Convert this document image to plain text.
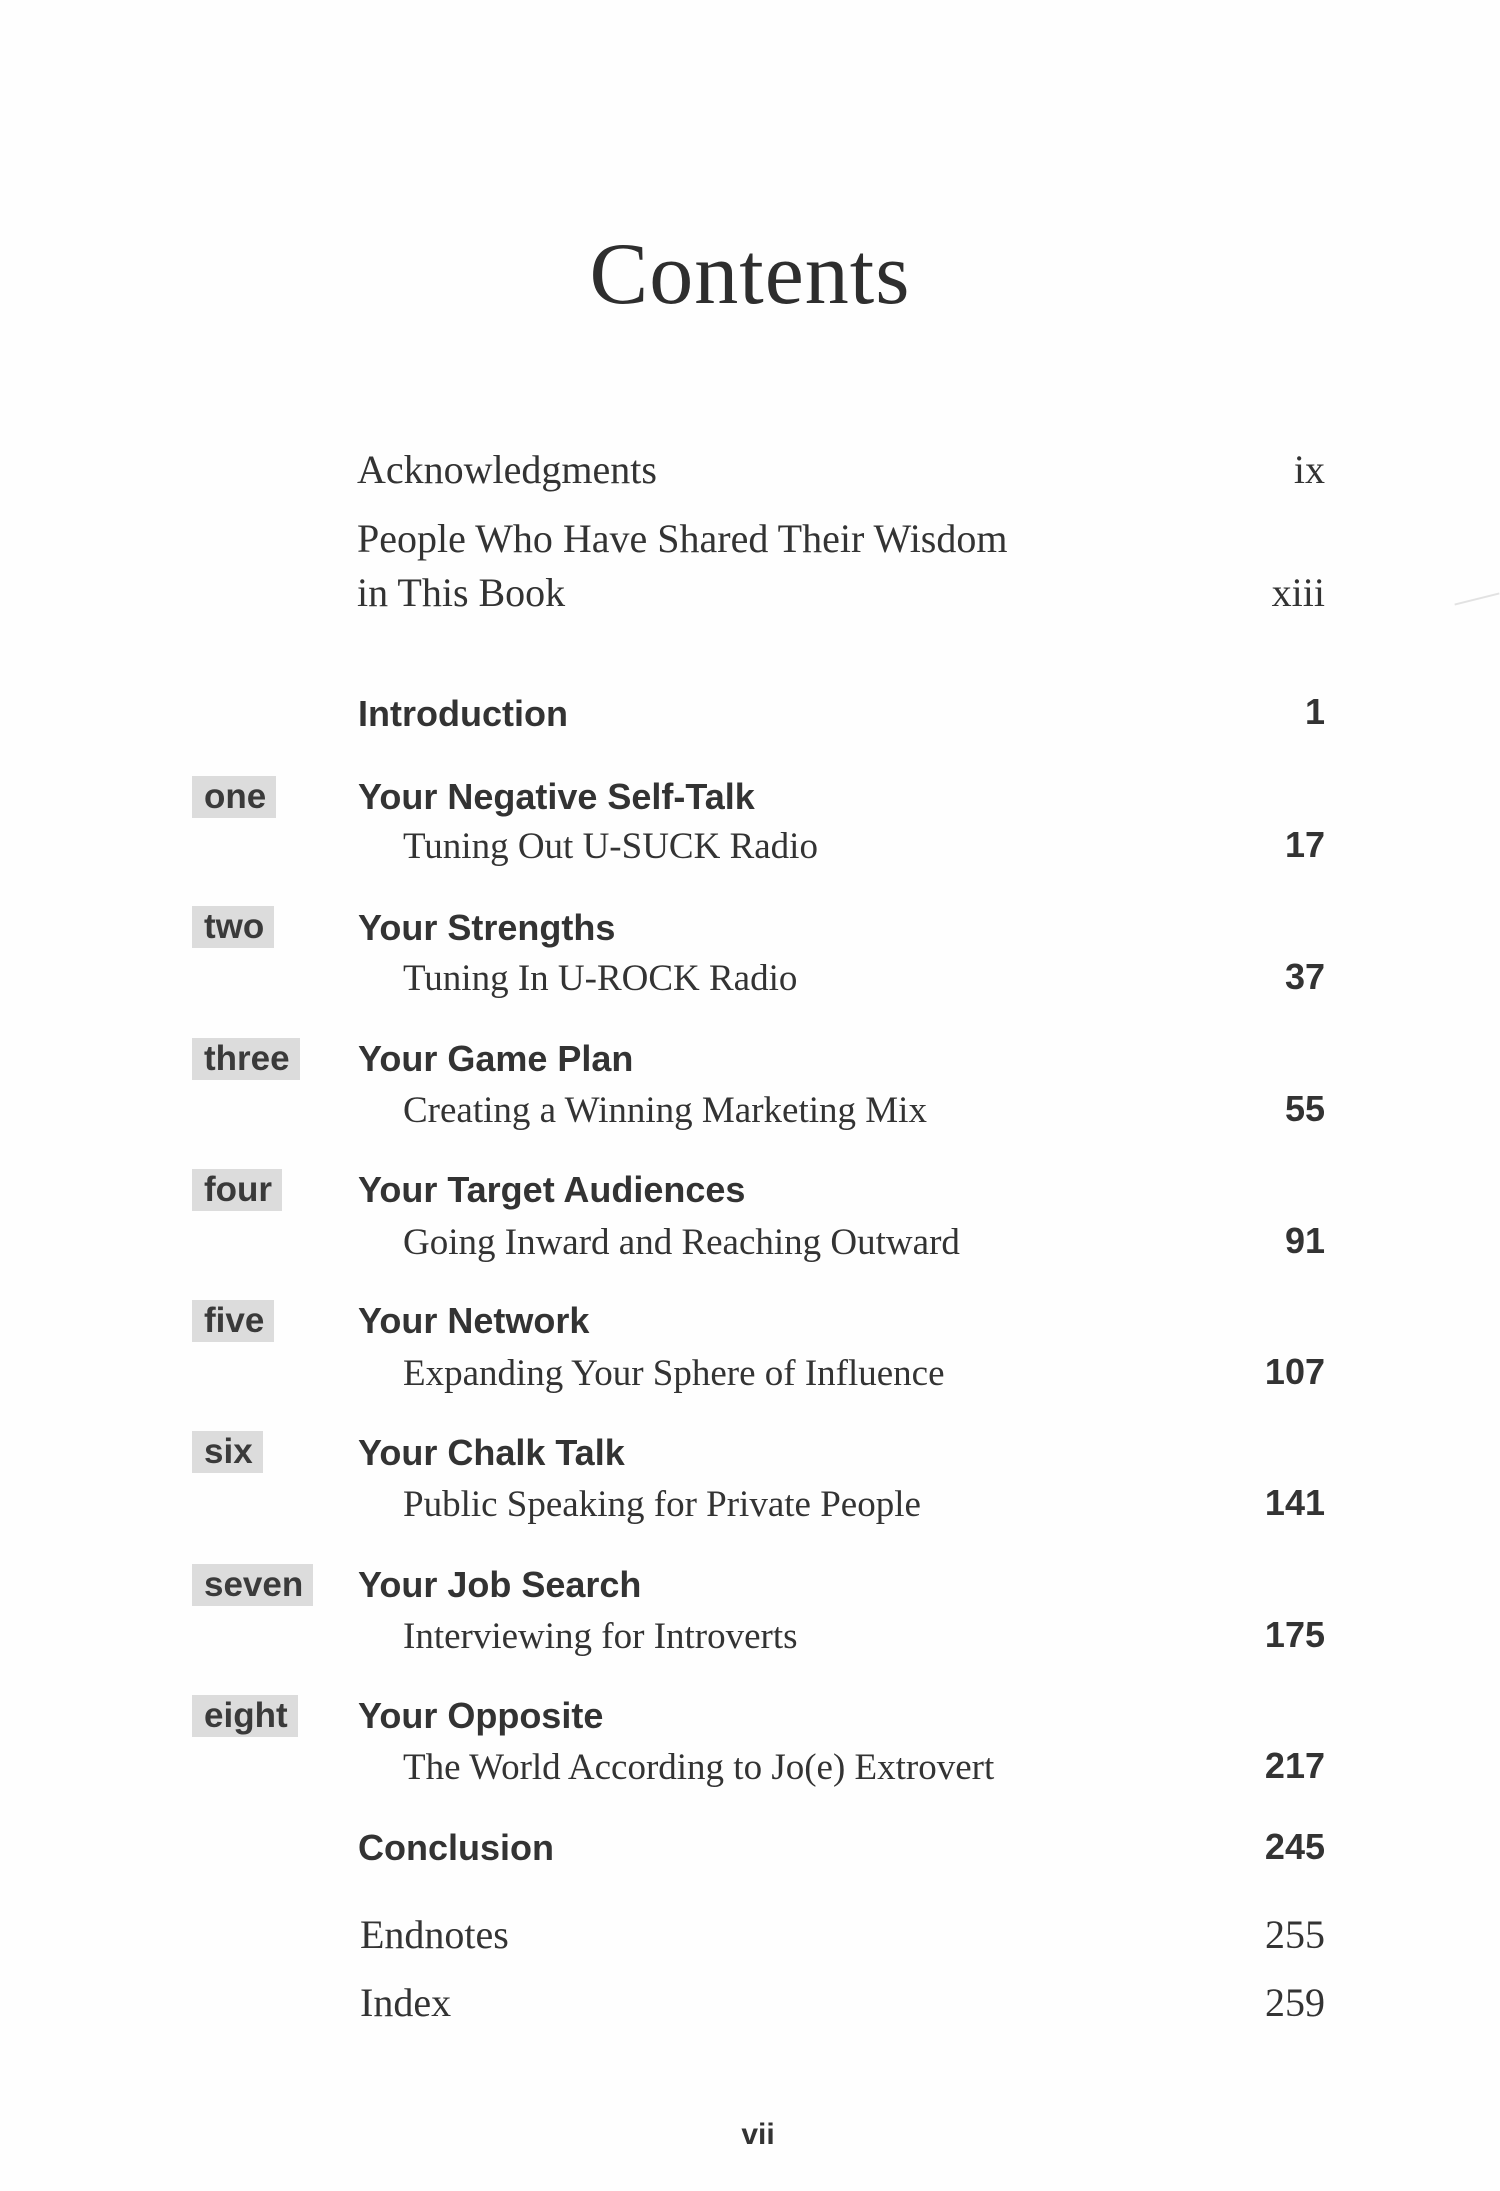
Contents
Acknowledgments	ix
People Who Have Shared Their Wisdom
in This Book	xiii
Introduction	1
one	Your Negative Self-Talk
Tuning Out U-SUCK Radio	17
two	Your Strengths
Tuning In U-ROCK Radio	37
three Your Game Plan
Creating a Winning Marketing Mix	55
four Your Target Audiences
Going Inward and Reaching Outward	91
five	Your Network
Expanding Your Sphere of Influence	107
six	Your Chalk Talk
Public Speaking for Private People	141
seven Your Job Search
Interviewing for Introverts	175
eight Your Opposite
The World According to Jo(e) Extrovert	217
Conclusion	245
Endnotes	255
Index	259
vii
